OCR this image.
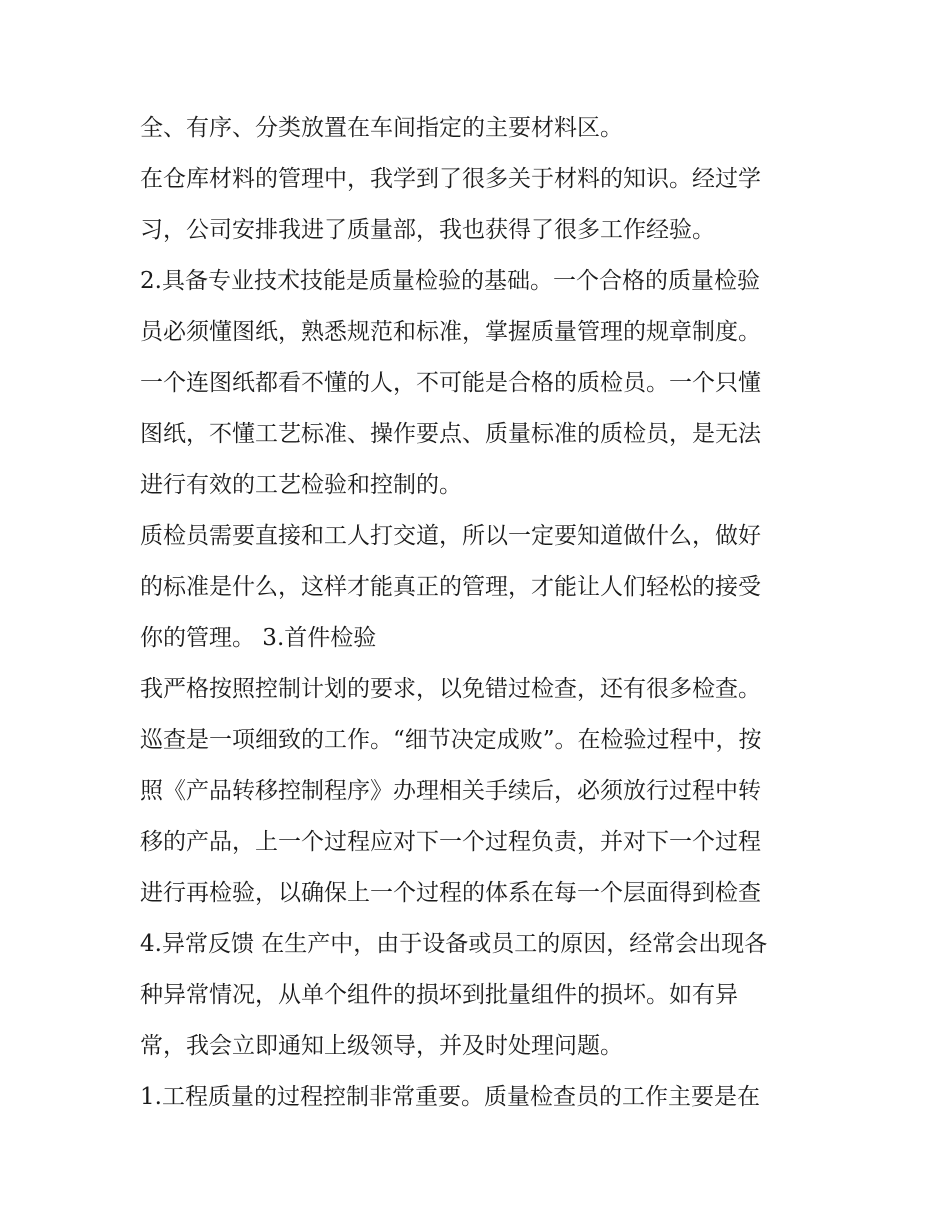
全、有序、分类放置在车间指定的主要材料区。

在仓库材料的管理中，我学到了很多关于材料的知识。经过学

习，公司安排我进了质量部，我也获得了很多工作经验。

2.具备专业技术技能是质量检验的基础。一个合格的质量检验

员必须懂图纸，熟悉规范和标准，掌握质量管理的规章制度。

一个连图纸都看不懂的人，不可能是合格的质检员。一个只懂

图纸，不懂工艺标准、操作要点、质量标准的质检员，是无法

进行有效的工艺检验和控制的。

质检员需要直接和工人打交道，所以一定要知道做什么，做好

的标准是什么，这样才能真正的管理，才能让人们轻松的接受

你的管理。 3.首件检验

我严格按照控制计划的要求，以免错过检查，还有很多检查。

巡查是一项细致的工作。“细节决定成败”。在检验过程中，按

照《产品转移控制程序》办理相关手续后，必须放行过程中转

移的产品，上一个过程应对下一个过程负责，并对下一个过程

进行再检验，以确保上一个过程的体系在每一个层面得到检查

4.异常反馈 在生产中，由于设备或员工的原因，经常会出现各

种异常情况，从单个组件的损坏到批量组件的损坏。如有异

常，我会立即通知上级领导，并及时处理问题。

1.工程质量的过程控制非常重要。质量检查员的工作主要是在
